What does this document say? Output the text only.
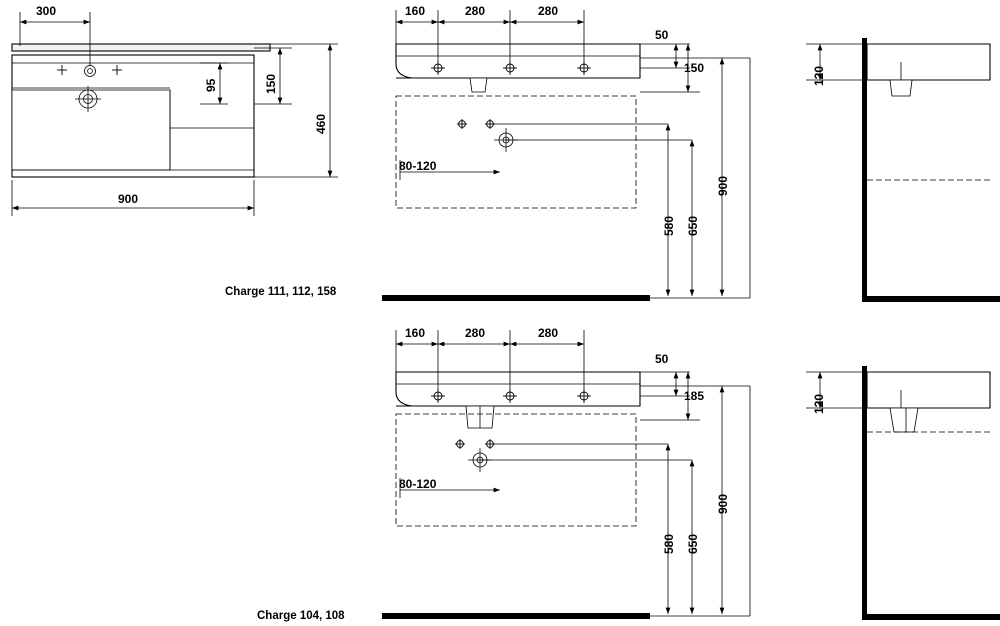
300
900
95	150
460
160	280	280
50
150
80-120
580 650
900
120
160	280	280
50
185
80-120
580 650
900
120
Charge 111, 112, 158
Charge 104, 108
